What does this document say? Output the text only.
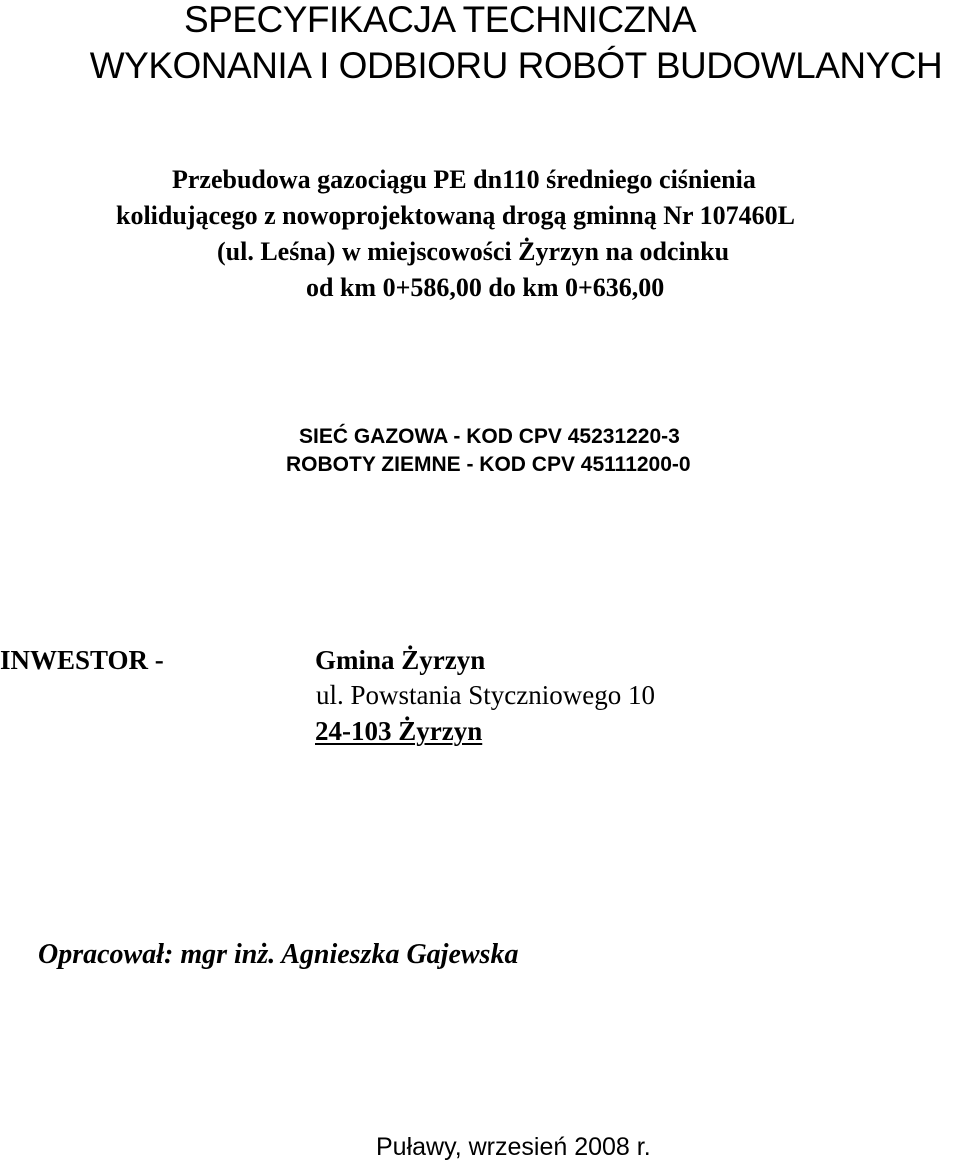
SPECYFIKACJA TECHNICZNA
WYKONANIA I ODBIORU ROBÓT BUDOWLANYCH
Przebudowa gazociągu PE dn110 średniego ciśnienia
kolidującego z nowoprojektowaną drogą gminną Nr 107460L
(ul. Leśna) w miejscowości Żyrzyn na odcinku
od km 0+586,00 do km 0+636,00
SIEĆ GAZOWA - KOD CPV 45231220-3
ROBOTY ZIEMNE - KOD CPV 45111200-0
INWESTOR -	Gmina Żyrzyn
ul. Powstania Styczniowego 10
24-103 Żyrzyn
Opracował: mgr inż. Agnieszka Gajewska
Puławy, wrzesień 2008 r.
